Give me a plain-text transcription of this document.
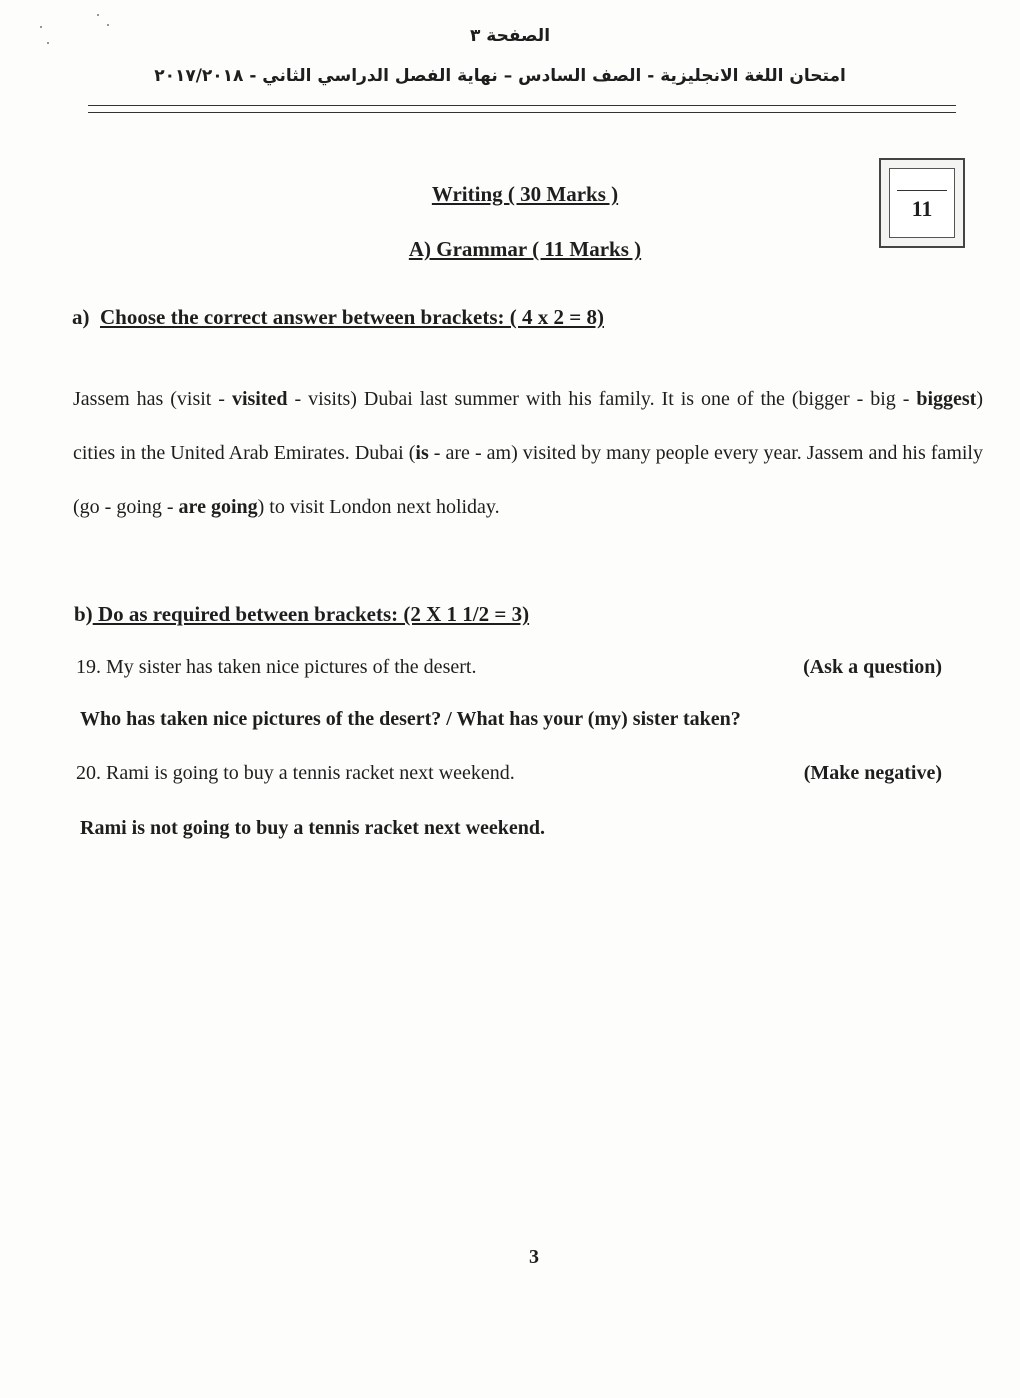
الصفحة ٣
امتحان اللغة الانجليزية - الصف السادس – نهاية الفصل الدراسي الثاني - ٢٠١٧/٢٠١٨
11
Writing ( 30 Marks )
A) Grammar ( 11 Marks )
a) Choose the correct answer between brackets: ( 4 x 2 = 8)
Jassem has (visit - visited - visits) Dubai last summer with his family. It is one of the (bigger - big - biggest) cities in the United Arab Emirates. Dubai (is - are - am) visited by many people every year. Jassem and his family (go - going - are going) to visit London next holiday.
b) Do as required between brackets: (2 X 1 1/2 = 3)
19. My sister has taken nice pictures of the desert.	(Ask a question)
Who has taken nice pictures of the desert? / What has your (my) sister taken?
20. Rami is going to buy a tennis racket next weekend.	(Make negative)
Rami is not going to buy a tennis racket next weekend.
3
